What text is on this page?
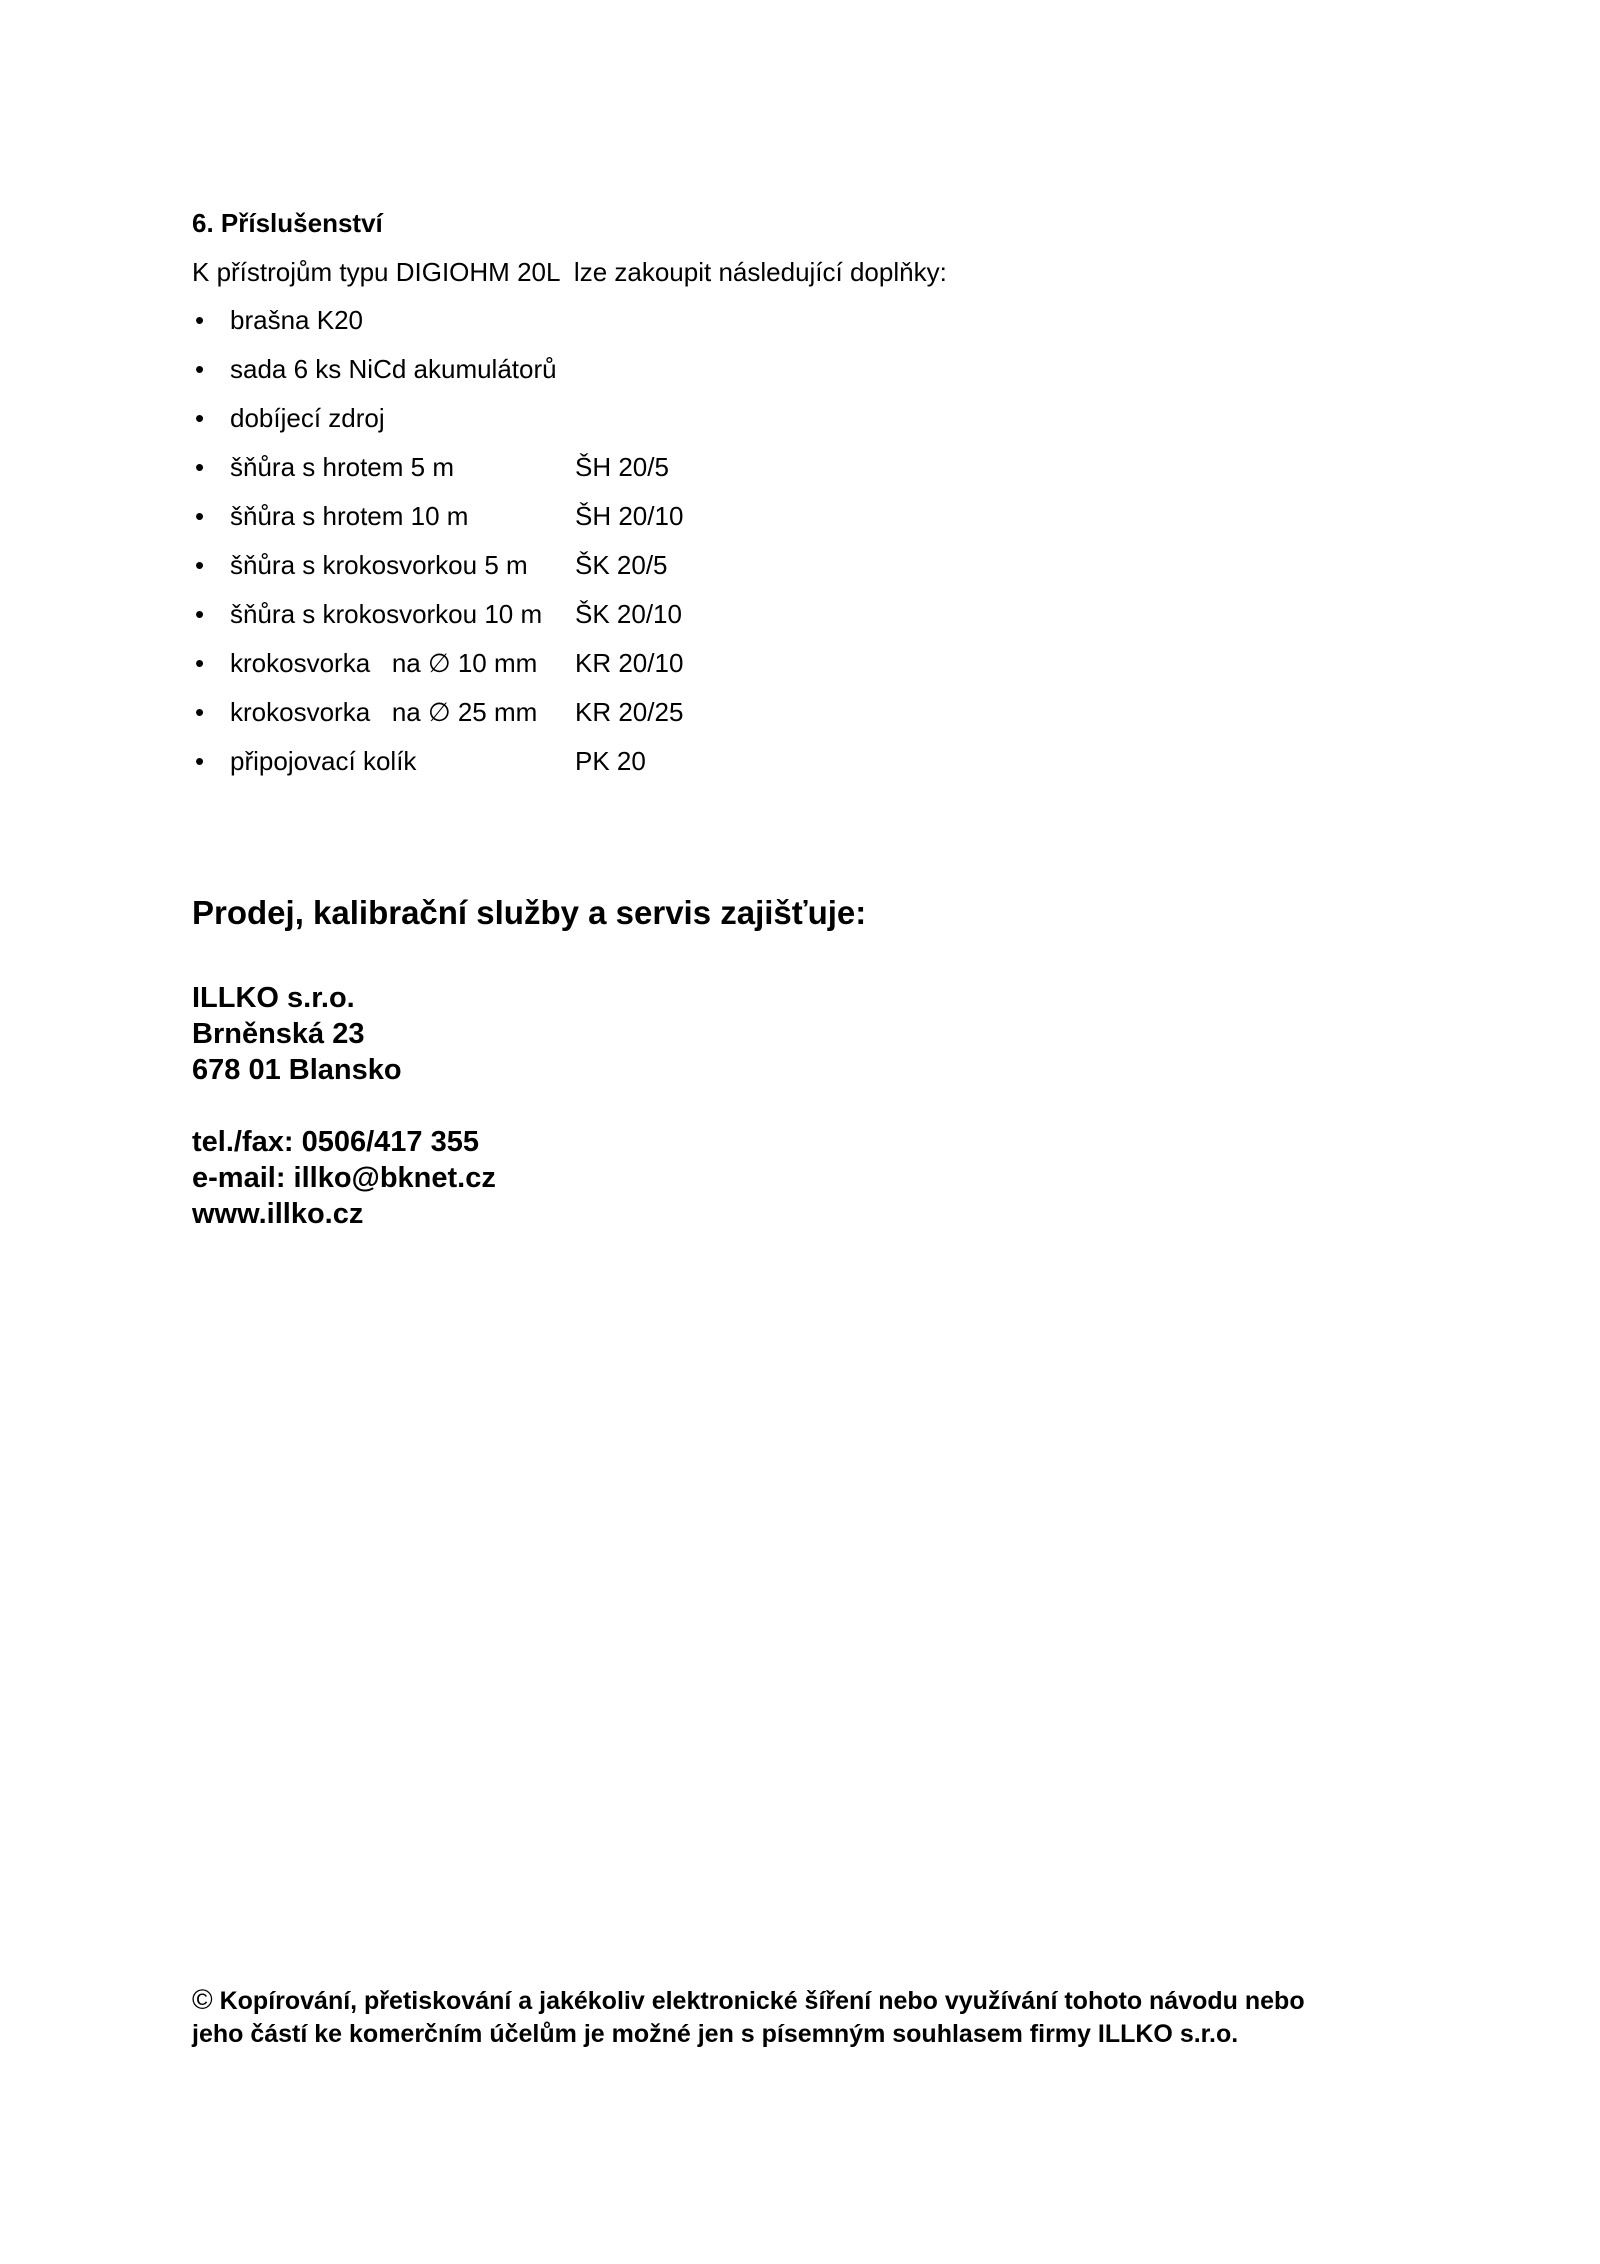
6. Příslušenství
K přístrojům typu DIGIOHM 20L  lze zakoupit následující doplňky:
• brašna K20
• sada 6 ks NiCd akumulátorů
• dobíjecí zdroj
• šňůra s hrotem 5 m	ŠH 20/5
• šňůra s hrotem 10 m	ŠH 20/10
• šňůra s krokosvorkou 5 m ŠK 20/5
• šňůra s krokosvorkou 10 m ŠK 20/10
• krokosvorka   na ∅ 10 mm KR 20/10
• krokosvorka   na ∅ 25 mm KR 20/25
• připojovací kolík	PK 20
Prodej, kalibrační služby a servis zajišťuje:
ILLKO s.r.o.
Brněnská 23
678 01 Blansko
tel./fax: 0506/417 355
e-mail: illko@bknet.cz
www.illko.cz
© Kopírování, přetiskování a jakékoliv elektronické šíření nebo využívání tohoto návodu nebo
jeho částí ke komerčním účelům je možné jen s písemným souhlasem firmy ILLKO s.r.o.
